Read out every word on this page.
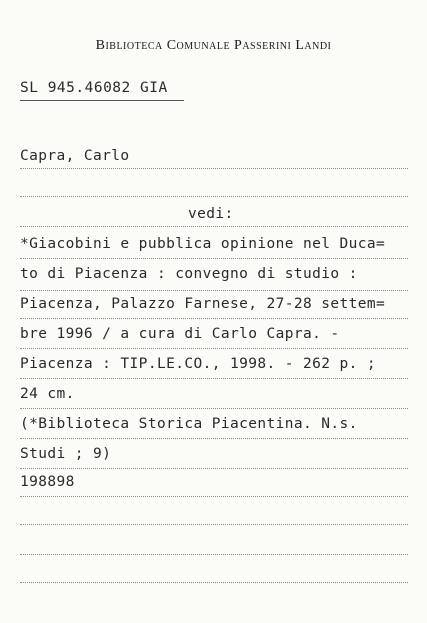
Biblioteca Comunale Passerini Landi
SL 945.46082 GIA
Capra, Carlo
vedi:
*Giacobini e pubblica opinione nel Duca=
to di Piacenza : convegno di studio :
Piacenza, Palazzo Farnese, 27-28 settem=
bre 1996 / a cura di Carlo Capra. -
Piacenza : TIP.LE.CO., 1998. - 262 p. ;
24 cm.
(*Biblioteca Storica Piacentina. N.s.
Studi ; 9)
198898
